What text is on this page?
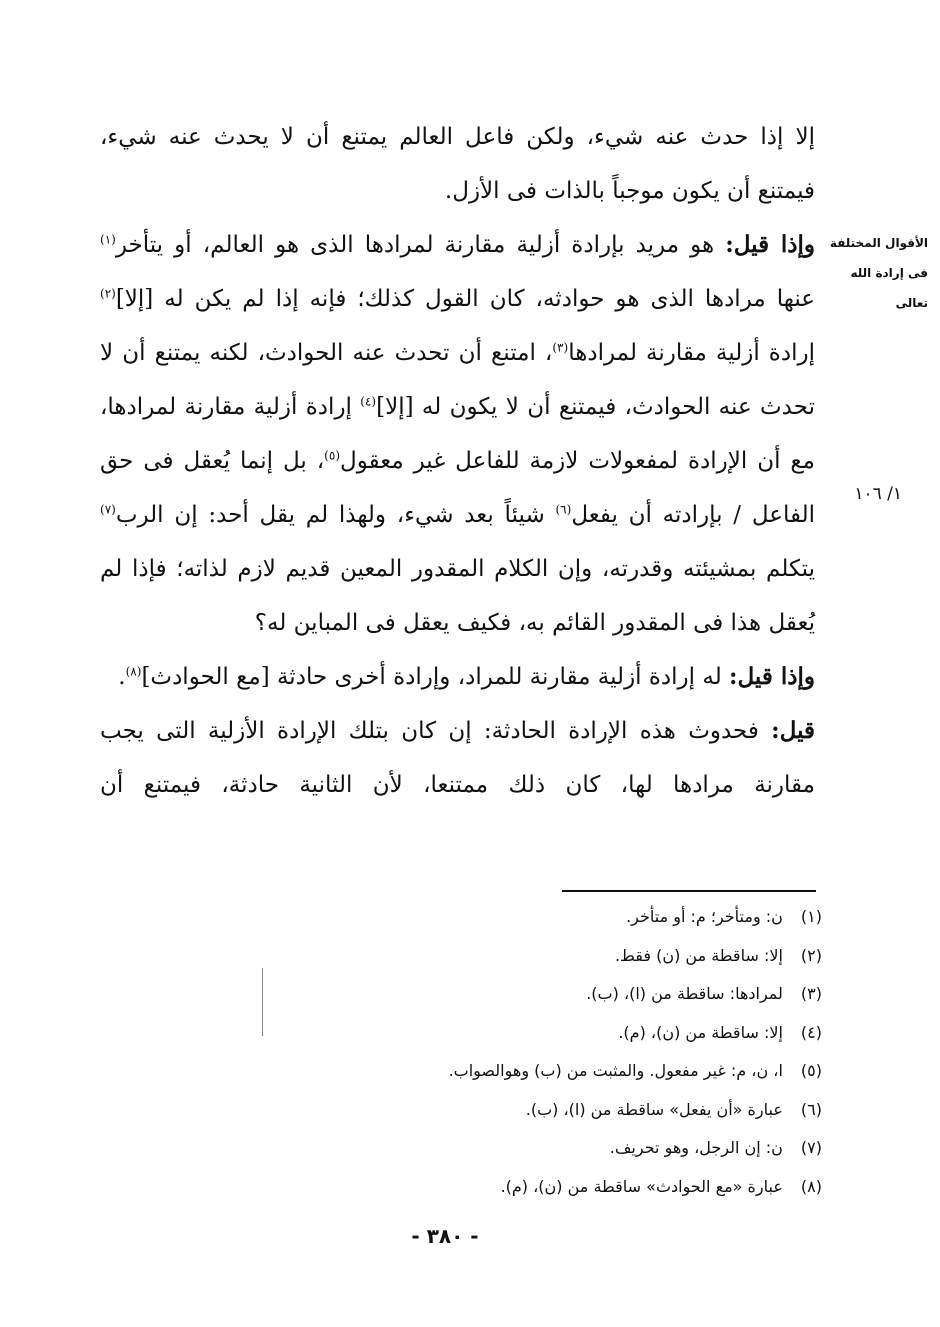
الأقوال المختلفة
فى إرادة الله تعالى
١/ ١٠٦

إلا إذا حدث عنه شيء، ولكن فاعل العالم يمتنع أن لا يحدث عنه شيء، فيمتنع أن يكون موجباً بالذات فى الأزل.

وإذا قيل: هو مريد بإرادة أزلية مقارنة لمرادها الذى هو العالم، أو يتأخر$^{(١)}$ عنها مرادها الذى هو حوادثه، كان القول كذلك؛ فإنه إذا لم يكن له [إلا]$^{(٢)}$ إرادة أزلية مقارنة لمرادها$^{(٣)}$، امتنع أن تحدث عنه الحوادث، لكنه يمتنع أن لا تحدث عنه الحوادث، فيمتنع أن لا يكون له [إلا]$^{(٤)}$ إرادة أزلية مقارنة لمرادها، مع أن الإرادة لمفعولات لازمة للفاعل غير معقول$^{(٥)}$، بل إنما يُعقل فى حق الفاعل / بإرادته أن يفعل$^{(٦)}$ شيئاً بعد شيء، ولهذا لم يقل أحد: إن الرب$^{(٧)}$ يتكلم بمشيئته وقدرته، وإن الكلام المقدور المعين قديم لازم لذاته؛ فإذا لم يُعقل هذا فى المقدور القائم به، فكيف يعقل فى المباين له؟

وإذا قيل: له إرادة أزلية مقارنة للمراد، وإرادة أخرى حادثة [مع الحوادث]$^{(٨)}$.

قيل: فحدوث هذه الإرادة الحادثة: إن كان بتلك الإرادة الأزلية التى يجب مقارنة مرادها لها، كان ذلك ممتنعا، لأن الثانية حادثة، فيمتنع أن

(١) ن: ومتأخر؛ م: أو متأخر.
(٢) إلا: ساقطة من (ن) فقط.
(٣) لمرادها: ساقطة من (ا)، (ب).
(٤) إلا: ساقطة من (ن)، (م).
(٥) ا، ن، م: غير مفعول. والمثبت من (ب) وهوالصواب.
(٦) عبارة «أن يفعل» ساقطة من (ا)، (ب).
(٧) ن: إن الرجل، وهو تحريف.
(٨) عبارة «مع الحوادث» ساقطة من (ن)، (م).
- ٣٨٠ -
